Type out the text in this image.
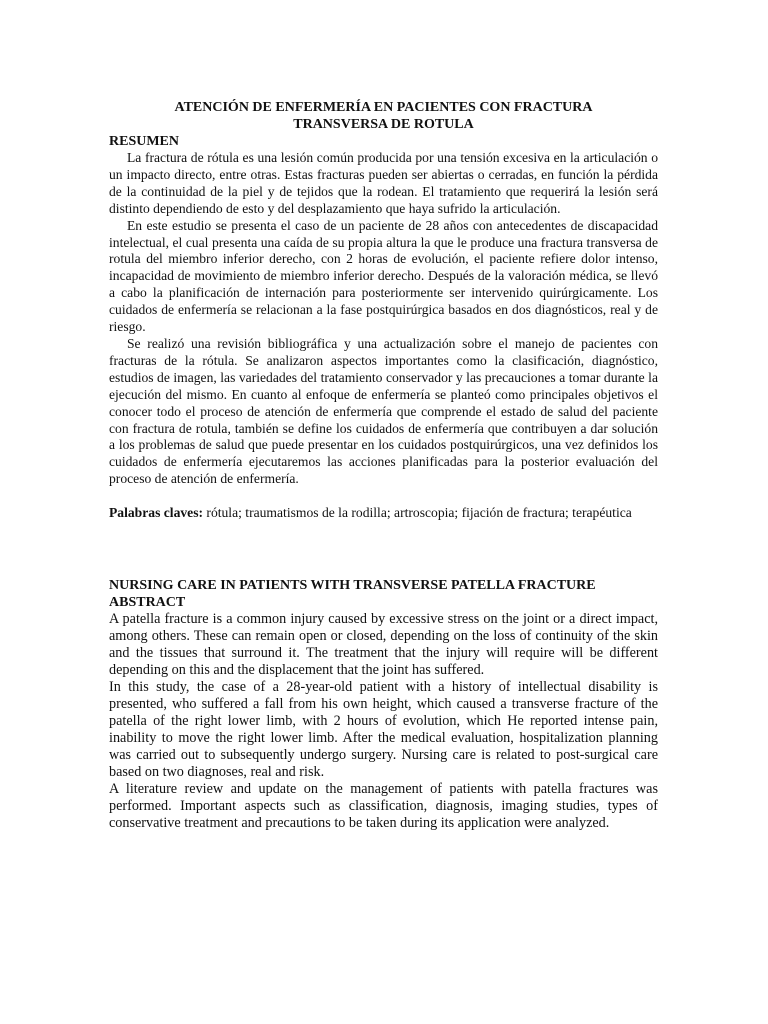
ATENCIÓN DE ENFERMERÍA EN PACIENTES CON FRACTURA
TRANSVERSA DE ROTULA

RESUMEN

La fractura de rótula es una lesión común producida por una tensión excesiva en la articulación o un impacto directo, entre otras. Estas fracturas pueden ser abiertas o cerradas, en función la pérdida de la continuidad de la piel y de tejidos que la rodean. El tratamiento que requerirá la lesión será distinto dependiendo de esto y del desplazamiento que haya sufrido la articulación.

En este estudio se presenta el caso de un paciente de 28 años con antecedentes de discapacidad intelectual, el cual presenta una caída de su propia altura la que le produce una fractura transversa de rotula del miembro inferior derecho, con 2 horas de evolución, el paciente refiere dolor intenso, incapacidad de movimiento de miembro inferior derecho. Después de la valoración médica, se llevó a cabo la planificación de internación para posteriormente ser intervenido quirúrgicamente. Los cuidados de enfermería se relacionan a la fase postquirúrgica basados en dos diagnósticos, real y de riesgo.

Se realizó una revisión bibliográfica y una actualización sobre el manejo de pacientes con fracturas de la rótula. Se analizaron aspectos importantes como la clasificación, diagnóstico, estudios de imagen, las variedades del tratamiento conservador y las precauciones a tomar durante la ejecución del mismo. En cuanto al enfoque de enfermería se planteó como principales objetivos el conocer todo el proceso de atención de enfermería que comprende el estado de salud del paciente con fractura de rotula, también se define los cuidados de enfermería que contribuyen a dar solución a los problemas de salud que puede presentar en los cuidados postquirúrgicos, una vez definidos los cuidados de enfermería ejecutaremos las acciones planificadas para la posterior evaluación del proceso de atención de enfermería.

Palabras claves: rótula; traumatismos de la rodilla; artroscopia; fijación de fractura; terapéutica

NURSING CARE IN PATIENTS WITH TRANSVERSE PATELLA FRACTURE

ABSTRACT

A patella fracture is a common injury caused by excessive stress on the joint or a direct impact, among others. These can remain open or closed, depending on the loss of continuity of the skin and the tissues that surround it. The treatment that the injury will require will be different depending on this and the displacement that the joint has suffered.

In this study, the case of a 28-year-old patient with a history of intellectual disability is presented, who suffered a fall from his own height, which caused a transverse fracture of the patella of the right lower limb, with 2 hours of evolution, which He reported intense pain, inability to move the right lower limb. After the medical evaluation, hospitalization planning was carried out to subsequently undergo surgery. Nursing care is related to post-surgical care based on two diagnoses, real and risk.

A literature review and update on the management of patients with patella fractures was performed. Important aspects such as classification, diagnosis, imaging studies, types of conservative treatment and precautions to be taken during its application were analyzed.
